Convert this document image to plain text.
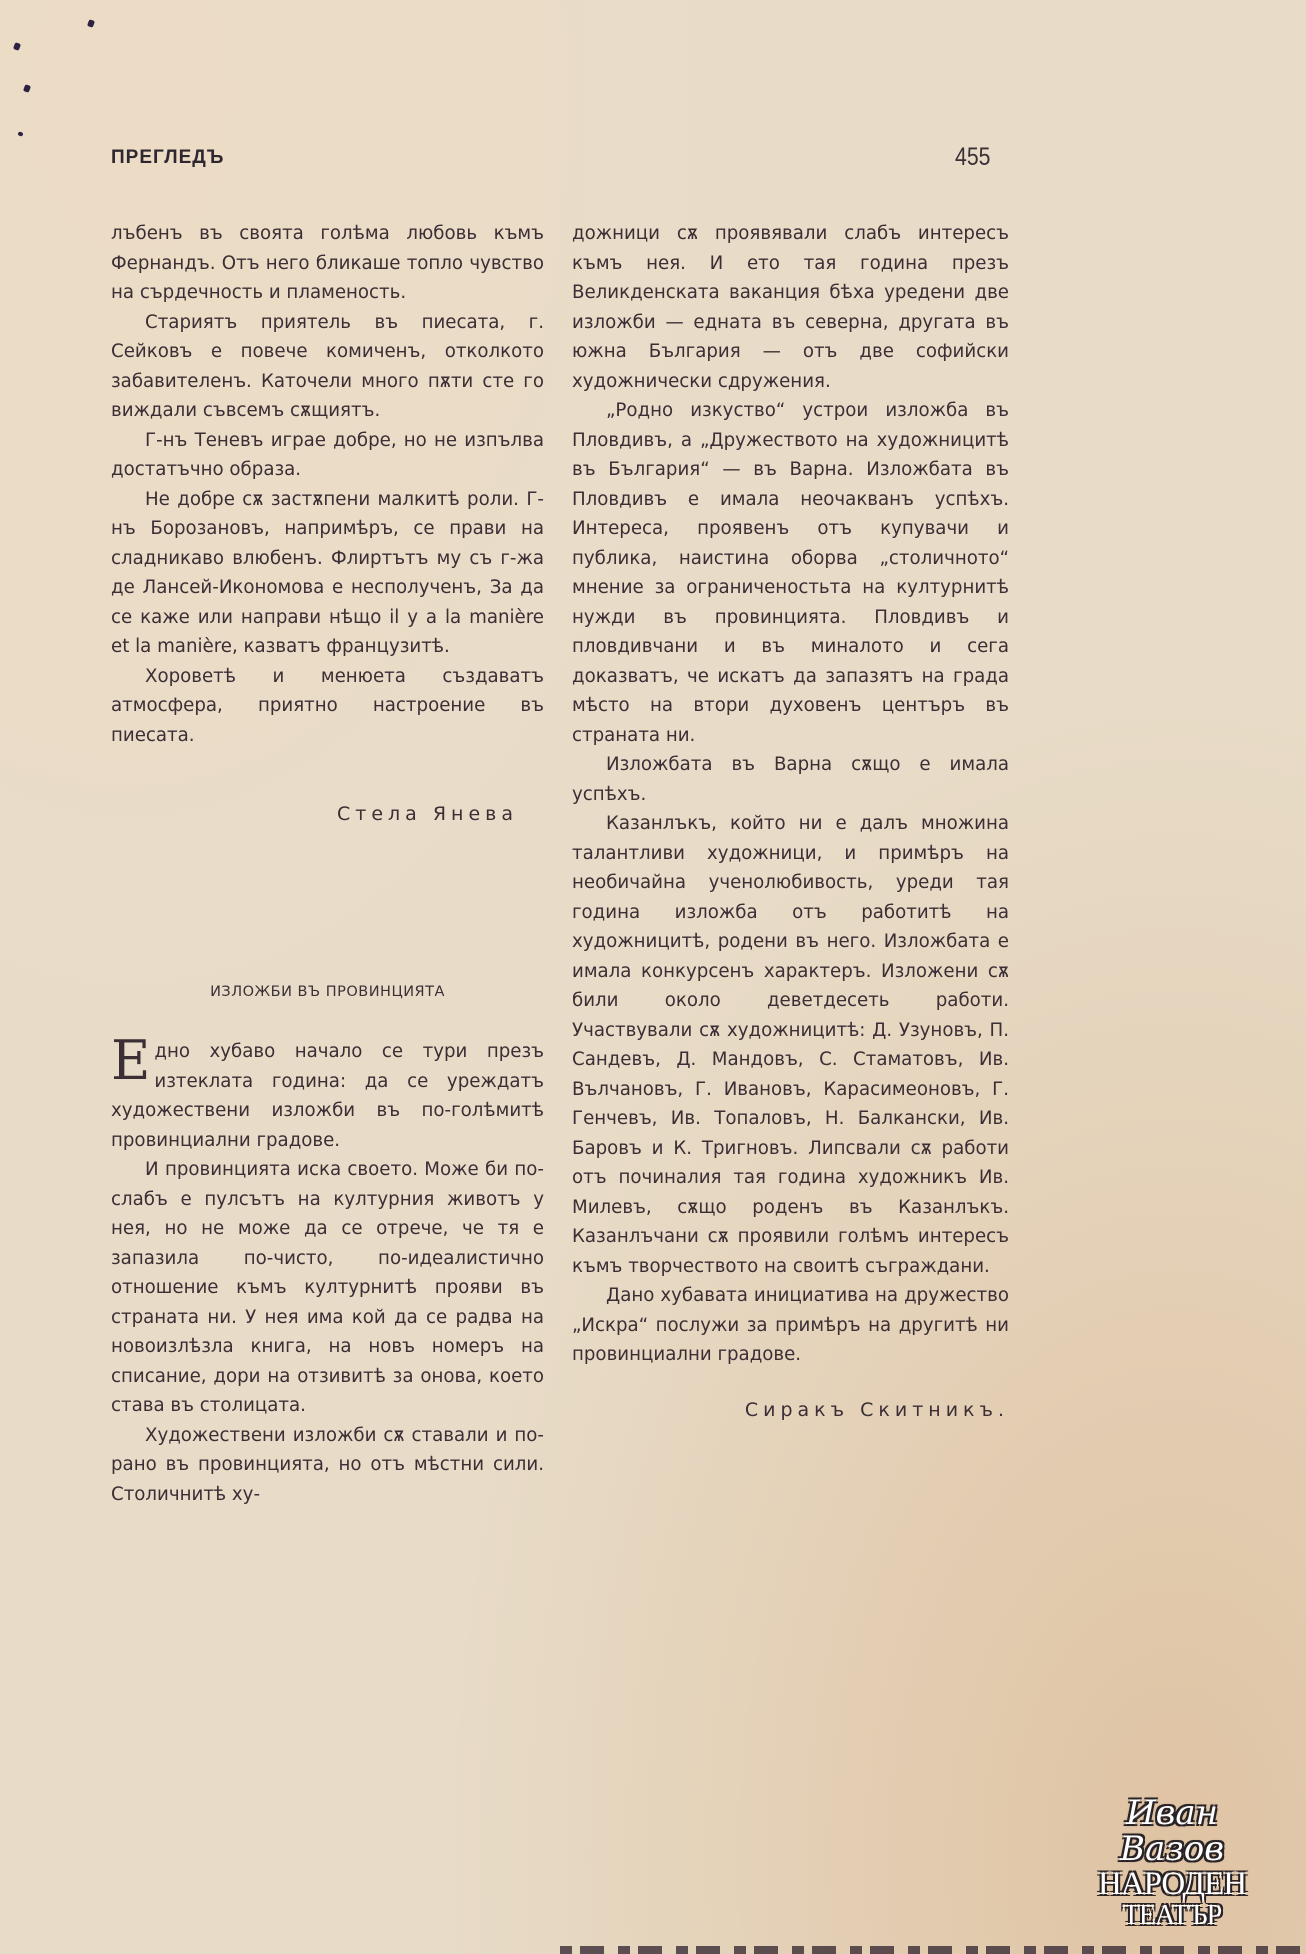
ПРЕГЛЕДЪ	455

лъбенъ въ своята голѣма любовь къмъ Фернандъ. Отъ него бликаше топло чувство на сърдечность и пламеность.

Стариятъ приятель въ пиесата, г. Сейковъ е повече комиченъ, отколкото забавителенъ. Каточели много пѫти сте го виждали съвсемъ сѫщиятъ.

Г-нъ Теневъ играе добре, но не изпълва достатъчно образа.

Не добре сѫ застѫпени малкитѣ роли. Г-нъ Борозановъ, напримѣръ, се прави на сладникаво влюбенъ. Флиртътъ му съ г-жа де Лансей-Икономова е несполученъ, За да се каже или направи нѣщо il y a la manière et la manière, казватъ французитѣ.

Хороветѣ и менюета създаватъ атмосфера, приятно настроение въ пиесата.

Стела Янева

ИЗЛОЖБИ ВЪ ПРОВИНЦИЯТА

Едно хубаво начало се тури презъ изтеклата година: да се уреждатъ художествени изложби въ по-голѣмитѣ провинциални градове.

И провинцията иска своето. Може би по-слабъ е пулсътъ на културния животъ у нея, но не може да се отрече, че тя е запазила по-чисто, по-идеалистично отношение къмъ културнитѣ прояви въ страната ни. У нея има кой да се радва на новоизлѣзла книга, на новъ номеръ на списание, дори на отзивитѣ за онова, което става въ столицата.

Художествени изложби сѫ ставали и по-рано въ провинцията, но отъ мѣстни сили. Столичнитѣ ху-

дожници сѫ проявявали слабъ интересъ къмъ нея. И ето тая година презъ Великденската ваканция бѣха уредени две изложби — едната въ северна, другата въ южна България — отъ две софийски художнически сдружения.

„Родно изкуство“ устрои изложба въ Пловдивъ, а „Дружеството на художницитѣ въ България“ — въ Варна. Изложбата въ Пловдивъ е имала неочакванъ успѣхъ. Интереса, проявенъ отъ купувачи и публика, наистина оборва „столичното“ мнение за ограниченостьта на културнитѣ нужди въ провинцията. Пловдивъ и пловдивчани и въ миналото и сега доказватъ, че искатъ да запазятъ на града мѣсто на втори духовенъ центъръ въ страната ни.

Изложбата въ Варна сѫщо е имала успѣхъ.

Казанлъкъ, който ни е далъ множина талантливи художници, и примѣръ на необичайна ученолюбивость, уреди тая година изложба отъ работитѣ на художницитѣ, родени въ него. Изложбата е имала конкурсенъ характеръ. Изложени сѫ били около деветдесеть работи. Участвували сѫ художницитѣ: Д. Узуновъ, П. Сандевъ, Д. Мандовъ, С. Стаматовъ, Ив. Вълчановъ, Г. Ивановъ, Карасимеоновъ, Г. Генчевъ, Ив. Топаловъ, Н. Балкански, Ив. Баровъ и К. Тригновъ. Липсвали сѫ работи отъ починалия тая година художникъ Ив. Милевъ, сѫщо роденъ въ Казанлъкъ. Казанлъчани сѫ проявили голѣмъ интересъ къмъ творчеството на своитѣ съграждани.

Дано хубавата инициатива на дружество „Искра“ послужи за примѣръ на другитѣ ни провинциални градове.

Сиракъ Скитникъ.

Иван Вазов
НАРОДЕН
ТЕАТЪР
